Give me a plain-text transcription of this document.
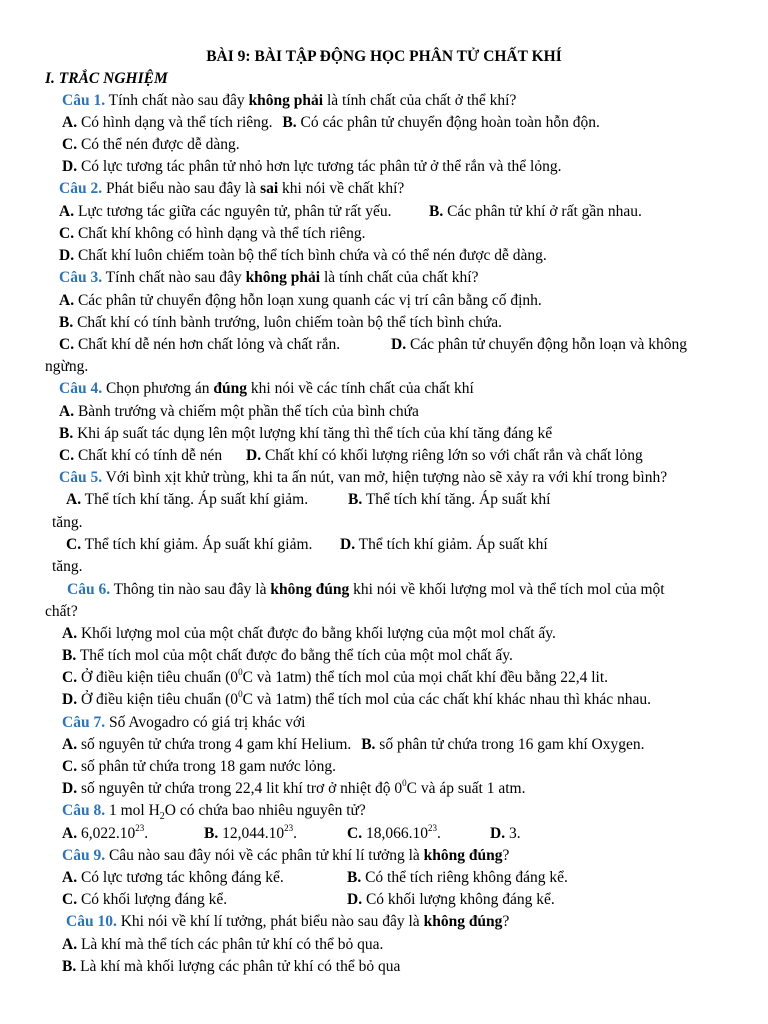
BÀI 9: BÀI TẬP ĐỘNG HỌC PHÂN TỬ CHẤT KHÍ
I. TRẮC NGHIỆM
Câu 1. Tính chất nào sau đây không phải là tính chất của chất ở thể khí?
A. Có hình dạng và thể tích riêng. B. Có các phân tử chuyển động hoàn toàn hỗn độn.
C. Có thể nén được dễ dàng.
D. Có lực tương tác phân tử nhỏ hơn lực tương tác phân tử ở thể rắn và thể lỏng.
Câu 2. Phát biểu nào sau đây là sai khi nói về chất khí?
A. Lực tương tác giữa các nguyên tử, phân tử rất yếu. B. Các phân tử khí ở rất gần nhau.
C. Chất khí không có hình dạng và thể tích riêng.
D. Chất khí luôn chiếm toàn bộ thể tích bình chứa và có thể nén được dễ dàng.
Câu 3. Tính chất nào sau đây không phải là tính chất của chất khí?
A. Các phân tử chuyển động hỗn loạn xung quanh các vị trí cân bằng cố định.
B. Chất khí có tính bành trướng, luôn chiếm toàn bộ thể tích bình chứa.
C. Chất khí dễ nén hơn chất lỏng và chất rắn.	D. Các phân tử chuyển động hỗn loạn và không
ngừng.
Câu 4. Chọn phương án đúng khi nói về các tính chất của chất khí
A. Bành trướng và chiếm một phần thể tích của bình chứa
B. Khi áp suất tác dụng lên một lượng khí tăng thì thể tích của khí tăng đáng kể
C. Chất khí có tính dễ nén D. Chất khí có khối lượng riêng lớn so với chất rắn và chất lỏng
Câu 5. Với bình xịt khử trùng, khi ta ấn nút, van mở, hiện tượng nào sẽ xảy ra với khí trong bình?
A. Thể tích khí tăng. Áp suất khí giảm.	B. Thể tích khí tăng. Áp suất khí
tăng.
C. Thể tích khí giảm. Áp suất khí giảm. D. Thể tích khí giảm. Áp suất khí
tăng.
Câu 6. Thông tin nào sau đây là không đúng khi nói về khối lượng mol và thể tích mol của một
chất?
A. Khối lượng mol của một chất được đo bằng khối lượng của một mol chất ấy.
B. Thể tích mol của một chất được đo bằng thể tích của một mol chất ấy.
C. Ở điều kiện tiêu chuẩn ($0^0C$ và 1atm) thể tích mol của mọi chất khí đều bằng 22,4 lit.
D. Ở điều kiện tiêu chuẩn ($0^0C$ và 1atm) thể tích mol của các chất khí khác nhau thì khác nhau.
Câu 7. Số Avogadro có giá trị khác với
A. số nguyên tử chứa trong 4 gam khí Helium. B. số phân tử chứa trong 16 gam khí Oxygen.
C. số phân tử chứa trong 18 gam nước lỏng.
D. số nguyên tử chứa trong 22,4 lit khí trơ ở nhiệt độ $0^0C$ và áp suất 1 atm.
Câu 8. 1 mol $H_2O$ có chứa bao nhiêu nguyên tử?
A. 6,022.10$^{23}$.	B. 12,044.10$^{23}$.	C. 18,066.10$^{23}$.	D. 3.
Câu 9. Câu nào sau đây nói về các phân tử khí lí tưởng là không đúng?
A. Có lực tương tác không đáng kể.	B. Có thể tích riêng không đáng kể.
C. Có khối lượng đáng kể.	D. Có khối lượng không đáng kể.
Câu 10. Khi nói về khí lí tưởng, phát biểu nào sau đây là không đúng?
A. Là khí mà thể tích các phân tử khí có thể bỏ qua.
B. Là khí mà khối lượng các phân tử khí có thể bỏ qua
